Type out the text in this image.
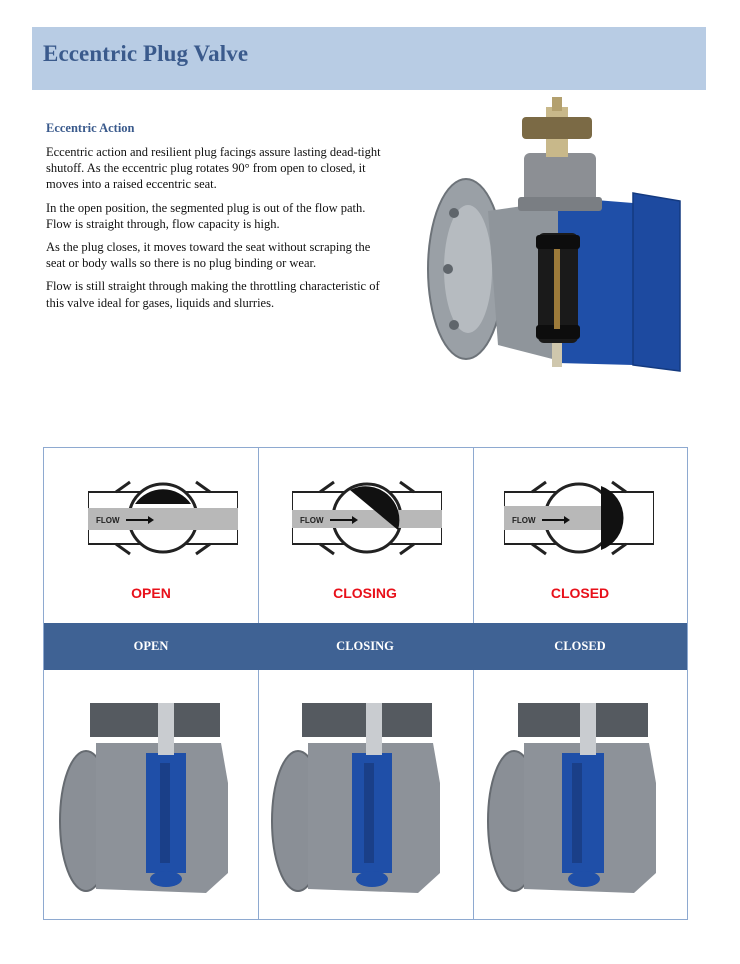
Eccentric Plug Valve
Eccentric Action

Eccentric action and resilient plug facings assure lasting dead-tight shutoff. As the eccentric plug rotates 90° from open to closed, it moves into a raised eccentric seat.

In the open position, the segmented plug is out of the flow path. Flow is straight through, flow capacity is high.

As the plug closes, it moves toward the seat without scraping the seat or body walls so there is no plug binding or wear.

Flow is still straight through making the throttling characteristic of this valve ideal for gases, liquids and slurries.

FLOW
OPEN
FLOW
CLOSING
FLOW
CLOSED
OPEN	CLOSING	CLOSED
